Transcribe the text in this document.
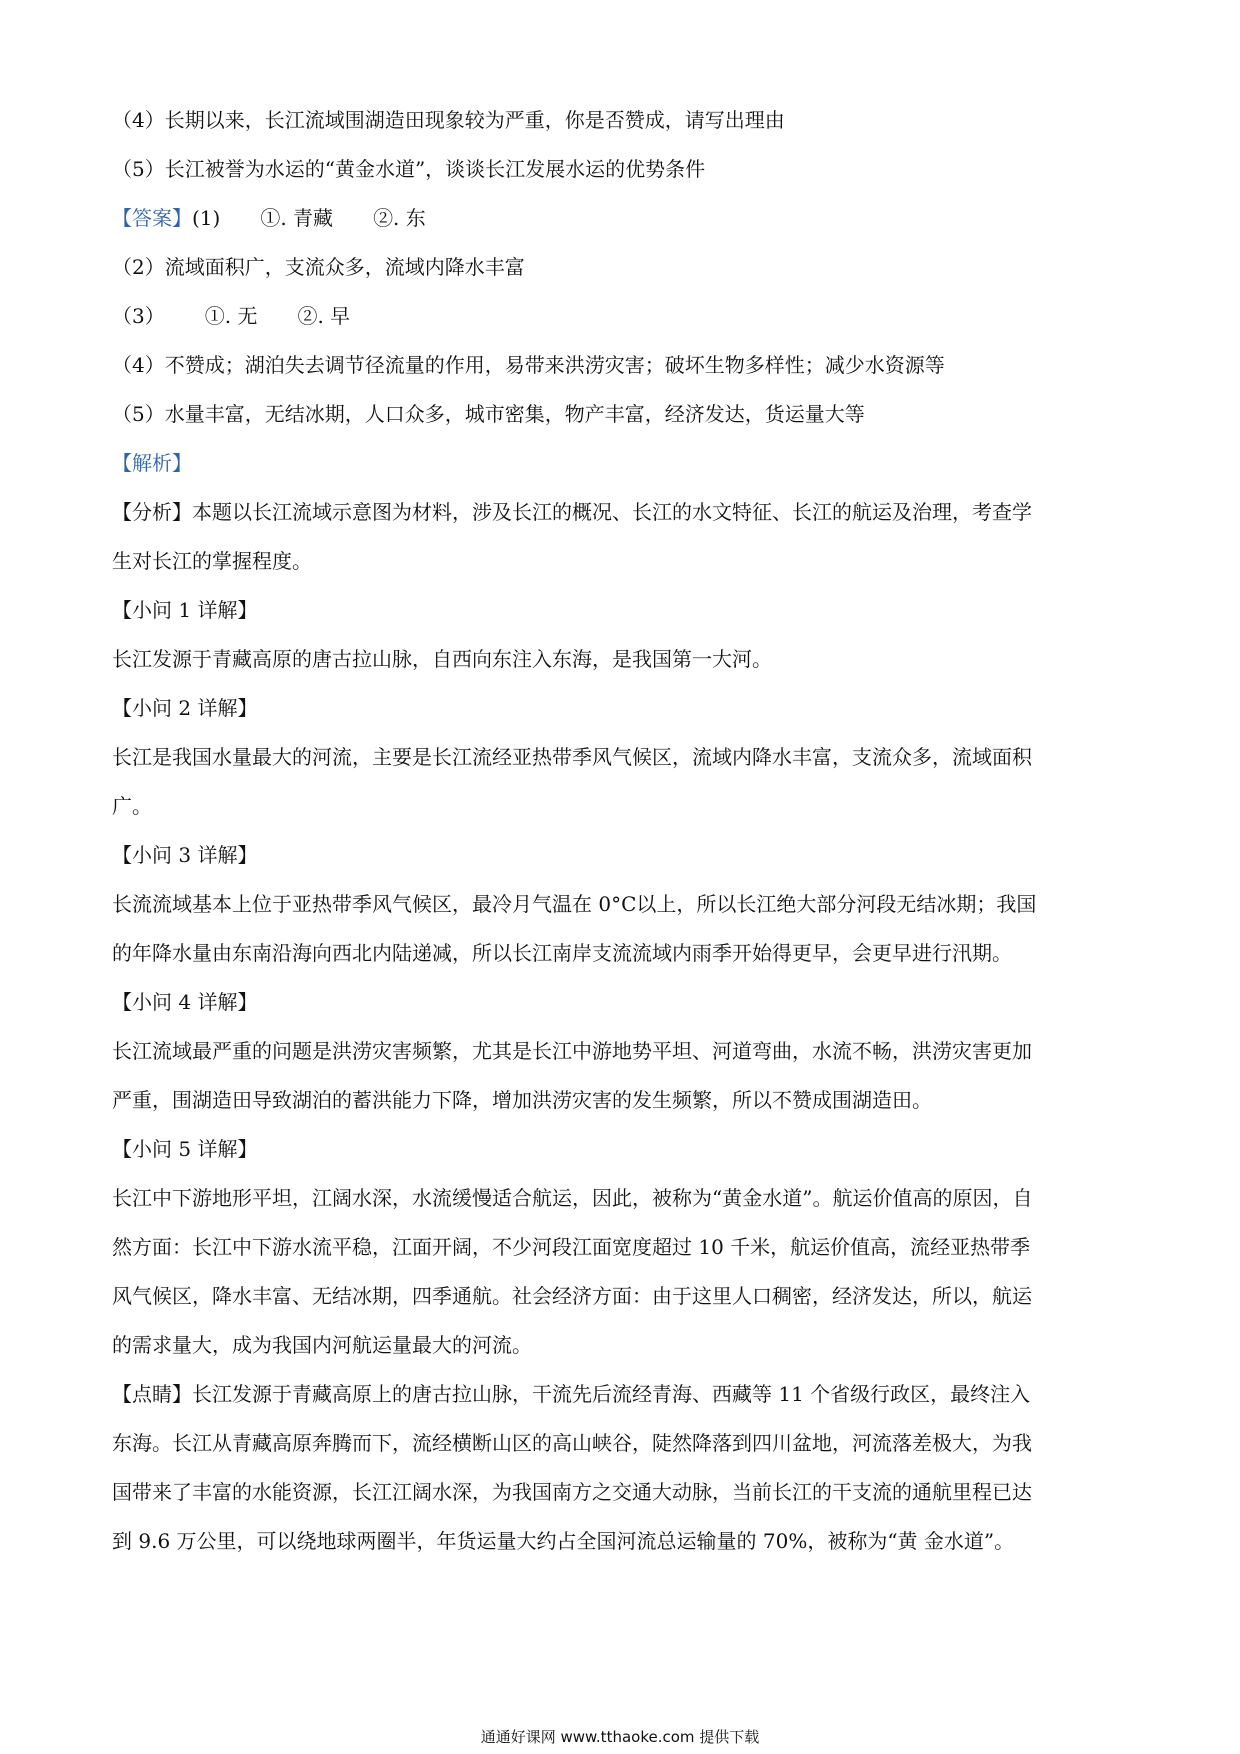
（4）长期以来，长江流域围湖造田现象较为严重，你是否赞成，请写出理由
（5）长江被誉为水运的“黄金水道”，谈谈长江发展水运的优势条件
【答案】(1) ①. 青藏 ②. 东
（2）流域面积广，支流众多，流域内降水丰富
（3） ①. 无 ②. 早
（4）不赞成；湖泊失去调节径流量的作用，易带来洪涝灾害；破坏生物多样性；减少水资源等
（5）水量丰富，无结冰期，人口众多，城市密集，物产丰富，经济发达，货运量大等
【解析】
【分析】本题以长江流域示意图为材料，涉及长江的概况、长江的水文特征、长江的航运及治理，考查学
生对长江的掌握程度。
【小问 1 详解】
长江发源于青藏高原的唐古拉山脉，自西向东注入东海，是我国第一大河。
【小问 2 详解】
长江是我国水量最大的河流，主要是长江流经亚热带季风气候区，流域内降水丰富，支流众多，流域面积
广。
【小问 3 详解】
长流流域基本上位于亚热带季风气候区，最冷月气温在 0°C以上，所以长江绝大部分河段无结冰期；我国
的年降水量由东南沿海向西北内陆递减，所以长江南岸支流流域内雨季开始得更早，会更早进行汛期。
【小问 4 详解】
长江流域最严重的问题是洪涝灾害频繁，尤其是长江中游地势平坦、河道弯曲，水流不畅，洪涝灾害更加
严重，围湖造田导致湖泊的蓄洪能力下降，增加洪涝灾害的发生频繁，所以不赞成围湖造田。
【小问 5 详解】
长江中下游地形平坦，江阔水深，水流缓慢适合航运，因此，被称为“黄金水道”。航运价值高的原因，自
然方面：长江中下游水流平稳，江面开阔，不少河段江面宽度超过 10 千米，航运价值高，流经亚热带季
风气候区，降水丰富、无结冰期，四季通航。社会经济方面：由于这里人口稠密，经济发达，所以，航运
的需求量大，成为我国内河航运量最大的河流。
【点睛】长江发源于青藏高原上的唐古拉山脉，干流先后流经青海、西藏等 11 个省级行政区，最终注入
东海。长江从青藏高原奔腾而下，流经横断山区的高山峡谷，陡然降落到四川盆地，河流落差极大，为我
国带来了丰富的水能资源，长江江阔水深，为我国南方之交通大动脉，当前长江的干支流的通航里程已达
到 9.6 万公里，可以绕地球两圈半，年货运量大约占全国河流总运输量的 70%，被称为“黄 金水道”。
通通好课网 www.tthaoke.com 提供下载
